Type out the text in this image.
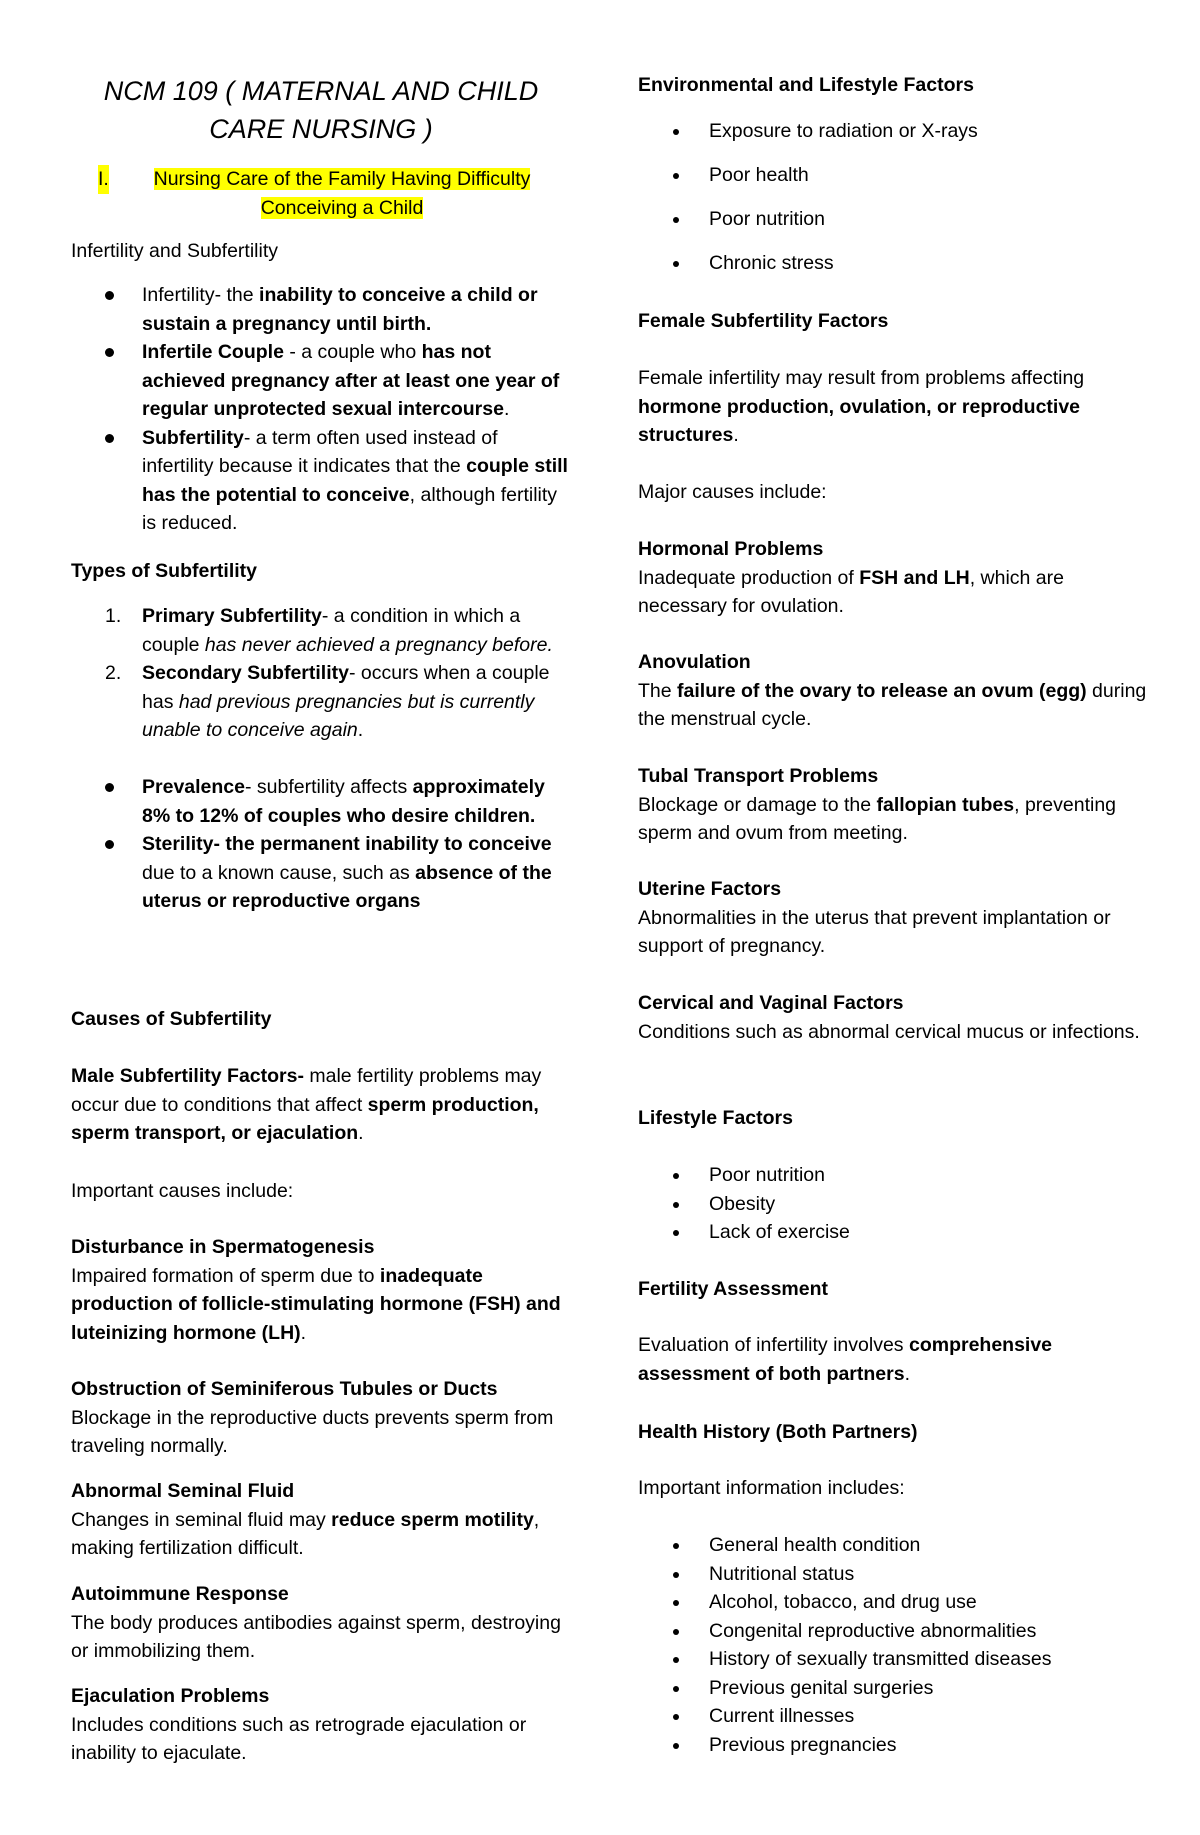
NCM 109 ( MATERNAL AND CHILD
CARE NURSING )
I.	Nursing Care of the Family Having Difficulty Conceiving a Child
Infertility and Subfertility
Infertility- the inability to conceive a child or sustain a pregnancy until birth.
Infertile Couple - a couple who has not achieved pregnancy after at least one year of regular unprotected sexual intercourse.
Subfertility- a term often used instead of infertility because it indicates that the couple still has the potential to conceive, although fertility is reduced.
Types of Subfertility
1. Primary Subfertility- a condition in which a couple has never achieved a pregnancy before.
2. Secondary Subfertility- occurs when a couple has had previous pregnancies but is currently unable to conceive again.
Prevalence- subfertility affects approximately 8% to 12% of couples who desire children.
Sterility- the permanent inability to conceive due to a known cause, such as absence of the uterus or reproductive organs
Causes of Subfertility
Male Subfertility Factors- male fertility problems may occur due to conditions that affect sperm production, sperm transport, or ejaculation.
Important causes include:
Disturbance in Spermatogenesis
Impaired formation of sperm due to inadequate production of follicle-stimulating hormone (FSH) and luteinizing hormone (LH).
Obstruction of Seminiferous Tubules or Ducts
Blockage in the reproductive ducts prevents sperm from traveling normally.
Abnormal Seminal Fluid
Changes in seminal fluid may reduce sperm motility, making fertilization difficult.
Autoimmune Response
The body produces antibodies against sperm, destroying or immobilizing them.
Ejaculation Problems
Includes conditions such as retrograde ejaculation or inability to ejaculate.
Environmental and Lifestyle Factors
Exposure to radiation or X-rays
Poor health
Poor nutrition
Chronic stress
Female Subfertility Factors
Female infertility may result from problems affecting hormone production, ovulation, or reproductive structures.
Major causes include:
Hormonal Problems
Inadequate production of FSH and LH, which are necessary for ovulation.
Anovulation
The failure of the ovary to release an ovum (egg) during the menstrual cycle.
Tubal Transport Problems
Blockage or damage to the fallopian tubes, preventing sperm and ovum from meeting.
Uterine Factors
Abnormalities in the uterus that prevent implantation or support of pregnancy.
Cervical and Vaginal Factors
Conditions such as abnormal cervical mucus or infections.
Lifestyle Factors
Poor nutrition
Obesity
Lack of exercise
Fertility Assessment
Evaluation of infertility involves comprehensive assessment of both partners.
Health History (Both Partners)
Important information includes:
General health condition
Nutritional status
Alcohol, tobacco, and drug use
Congenital reproductive abnormalities
History of sexually transmitted diseases
Previous genital surgeries
Current illnesses
Previous pregnancies
